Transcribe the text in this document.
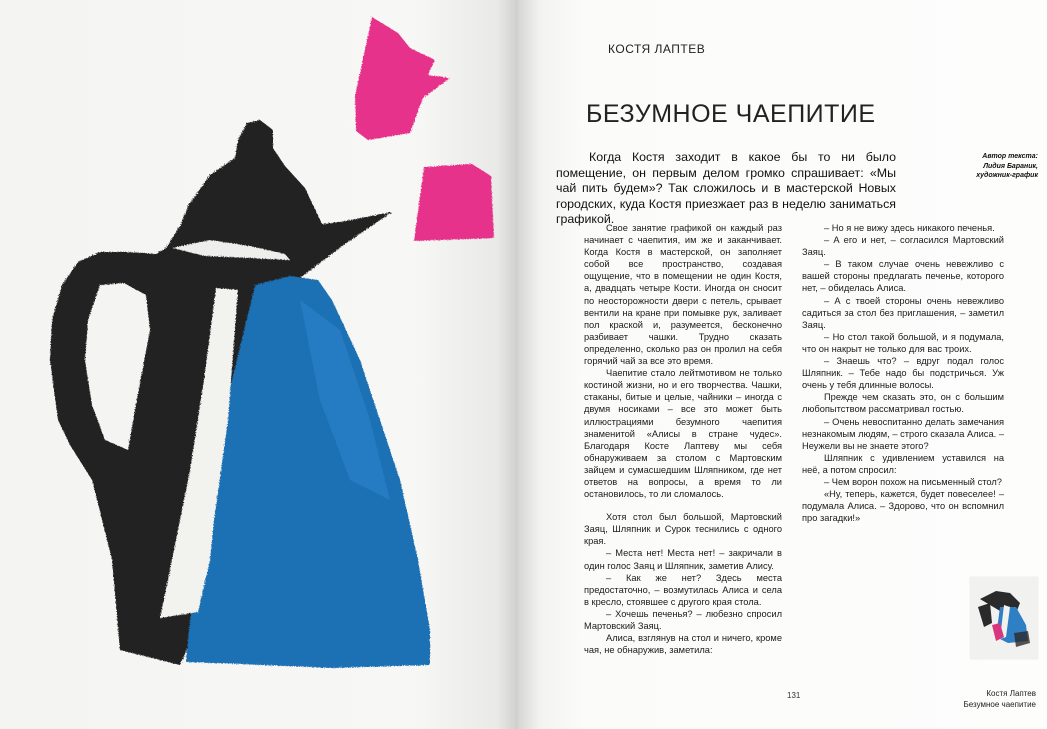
КОСТЯ ЛАПТЕВ
БЕЗУМНОЕ ЧАЕПИТИЕ

Когда Костя заходит в какое бы то ни было помещение, он первым делом громко спрашивает: «Мы чай пить будем»? Так сложилось и в мастерской Новых городских, куда Костя приезжает раз в неделю заниматься графикой.

Автор текста:
Лидия Бараник,
художник-график

Свое занятие графикой он каждый раз начинает с чаепития, им же и заканчивает. Когда Костя в мастерской, он заполняет собой все пространство, создавая ощущение, что в помещении не один Костя, а, двадцать четыре Кости. Иногда он сносит по неосторожности двери с петель, срывает вентили на кране при помывке рук, заливает пол краской и, разумеется, бесконечно разбивает чашки. Трудно сказать определенно, сколько раз он пролил на себя горячий чай за все это время.

Чаепитие стало лейтмотивом не только костиной жизни, но и его творчества. Чашки, стаканы, битые и целые, чайники – иногда с двумя носиками – все это может быть иллюстрациями безумного чаепития знаменитой «Алисы в стране чудес». Благодаря Косте Лаптеву мы себя обнаруживаем за столом с Мартовским зайцем и сумасшедшим Шляпником, где нет ответов на вопросы, а время то ли остановилось, то ли сломалось.

Хотя стол был большой, Мартовский Заяц, Шляпник и Сурок теснились с одного края.

– Места нет! Места нет! – закричали в один голос Заяц и Шляпник, заметив Алису.

– Как же нет? Здесь места предостаточно, – возмутилась Алиса и села в кресло, стоявшее с другого края стола.

– Хочешь печенья? – любезно спросил Мартовский Заяц.

Алиса, взглянув на стол и ничего, кроме чая, не обнаружив, заметила:

– Но я не вижу здесь никакого печенья.

– А его и нет, – согласился Мартовский Заяц.

– В таком случае очень невежливо с вашей стороны предлагать печенье, которого нет, – обиделась Алиса.

– А с твоей стороны очень невежливо садиться за стол без приглашения, – заметил Заяц.

– Но стол такой большой, и я подумала, что он накрыт не только для вас троих.

– Знаешь что? – вдруг подал голос Шляпник. – Тебе надо бы подстричься. Уж очень у тебя длинные волосы.

Прежде чем сказать это, он с большим любопытством рассматривал гостью.

– Очень невоспитанно делать замечания незнакомым людям, – строго сказала Алиса. – Неужели вы не знаете этого?

Шляпник с удивлением уставился на неё, а потом спросил:

– Чем ворон похож на письменный стол?

«Ну, теперь, кажется, будет повеселее! – подумала Алиса. – Здорово, что он вспомнил про загадки!»

131	Костя Лаптев
Безумное чаепитие
